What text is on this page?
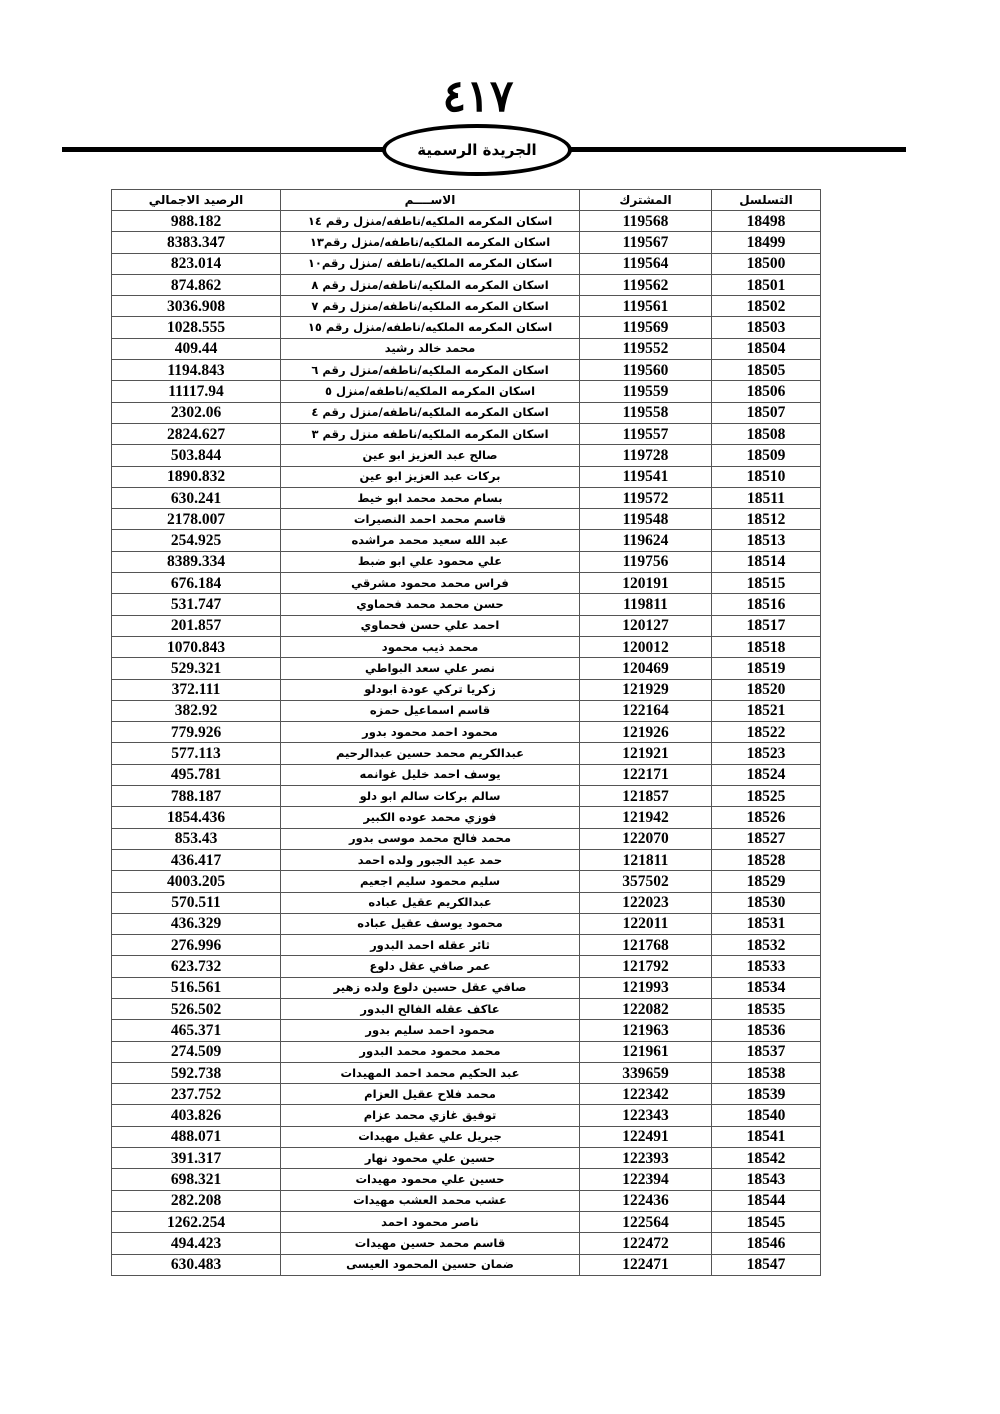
٤١٧
الجريدة الرسمية
التسلسل	المشترك	الاســــم	الرصيد الاجمالي
18498	119568	اسكان المكرمه الملكيه/ناطفه/منزل رقم ١٤	988.182
18499	119567	اسكان المكرمه الملكيه/ناطفه/منزل رقم١٣	8383.347
18500	119564	اسكان المكرمه الملكيه/ناطفه /منزل رقم١٠	823.014
18501	119562	اسكان المكرمه الملكيه/ناطفه/منزل رقم ٨	874.862
18502	119561	اسكان المكرمه الملكيه/ناطفه/منزل رقم ٧	3036.908
18503	119569	اسكان المكرمه الملكيه/ناطفه/منزل رقم ١٥	1028.555
18504	119552	محمد خالد رشيد	409.44
18505	119560	اسكان المكرمه الملكيه/ناطفه/منزل رقم ٦	1194.843
18506	119559	اسكان المكرمه الملكيه/ناطفه/منزل ٥	11117.94
18507	119558	اسكان المكرمه الملكيه/ناطفه/منزل رقم ٤	2302.06
18508	119557	اسكان المكرمه الملكيه/ناطفه منزل رقم ٣	2824.627
18509	119728	صالح عبد العزيز ابو عين	503.844
18510	119541	بركات عبد العزيز ابو عين	1890.832
18511	119572	بسام محمد محمد ابو خيط	630.241
18512	119548	قاسم محمد احمد النصيرات	2178.007
18513	119624	عبد الله سعيد محمد مراشده	254.925
18514	119756	علي محمود علي ابو ضبط	8389.334
18515	120191	فراس محمد محمود مشرقي	676.184
18516	119811	حسن محمد محمد فحماوي	531.747
18517	120127	احمد علي حسن فحماوي	201.857
18518	120012	محمد ذيب محمود	1070.843
18519	120469	نصر علي سعد البواطي	529.321
18520	121929	زكريا تركي عودة ابودلو	372.111
18521	122164	قاسم اسماعيل حمزه	382.92
18522	121926	محمود احمد محمود بدور	779.926
18523	121921	عبدالكريم محمد حسين عبدالرحيم	577.113
18524	122171	يوسف احمد خليل غوانمه	495.781
18525	121857	سالم بركات سالم ابو دلو	788.187
18526	121942	فوزي محمد عوده الكبير	1854.436
18527	122070	محمد فالح محمد موسى بدور	853.43
18528	121811	حمد عيد الجبور ولده احمد	436.417
18529	357502	سليم محمود سليم اجعيم	4003.205
18530	122023	عبدالكريم عقيل عباده	570.511
18531	122011	محمود يوسف عقيل عباده	436.329
18532	121768	ثائر عقله احمد البدور	276.996
18533	121792	عمر صافي عقل دلوع	623.732
18534	121993	صافي عقل حسين دلوع ولده زهير	516.561
18535	122082	عاكف عقله الفالح البدور	526.502
18536	121963	محمود احمد سليم بدور	465.371
18537	121961	محمد محمود محمد البدور	274.509
18538	339659	عبد الحكيم محمد احمد المهيدات	592.738
18539	122342	محمد فلاح عقيل العزام	237.752
18540	122343	توفيق غازي محمد عزام	403.826
18541	122491	جبريل علي عقيل مهيدات	488.071
18542	122393	حسين علي محمود نهار	391.317
18543	122394	حسين علي محمود مهيدات	698.321
18544	122436	عشب محمد العشب مهيدات	282.208
18545	122564	ناصر محمود احمد	1262.254
18546	122472	قاسم محمد حسين مهيدات	494.423
18547	122471	ضمان حسين المحمود العيسى	630.483
